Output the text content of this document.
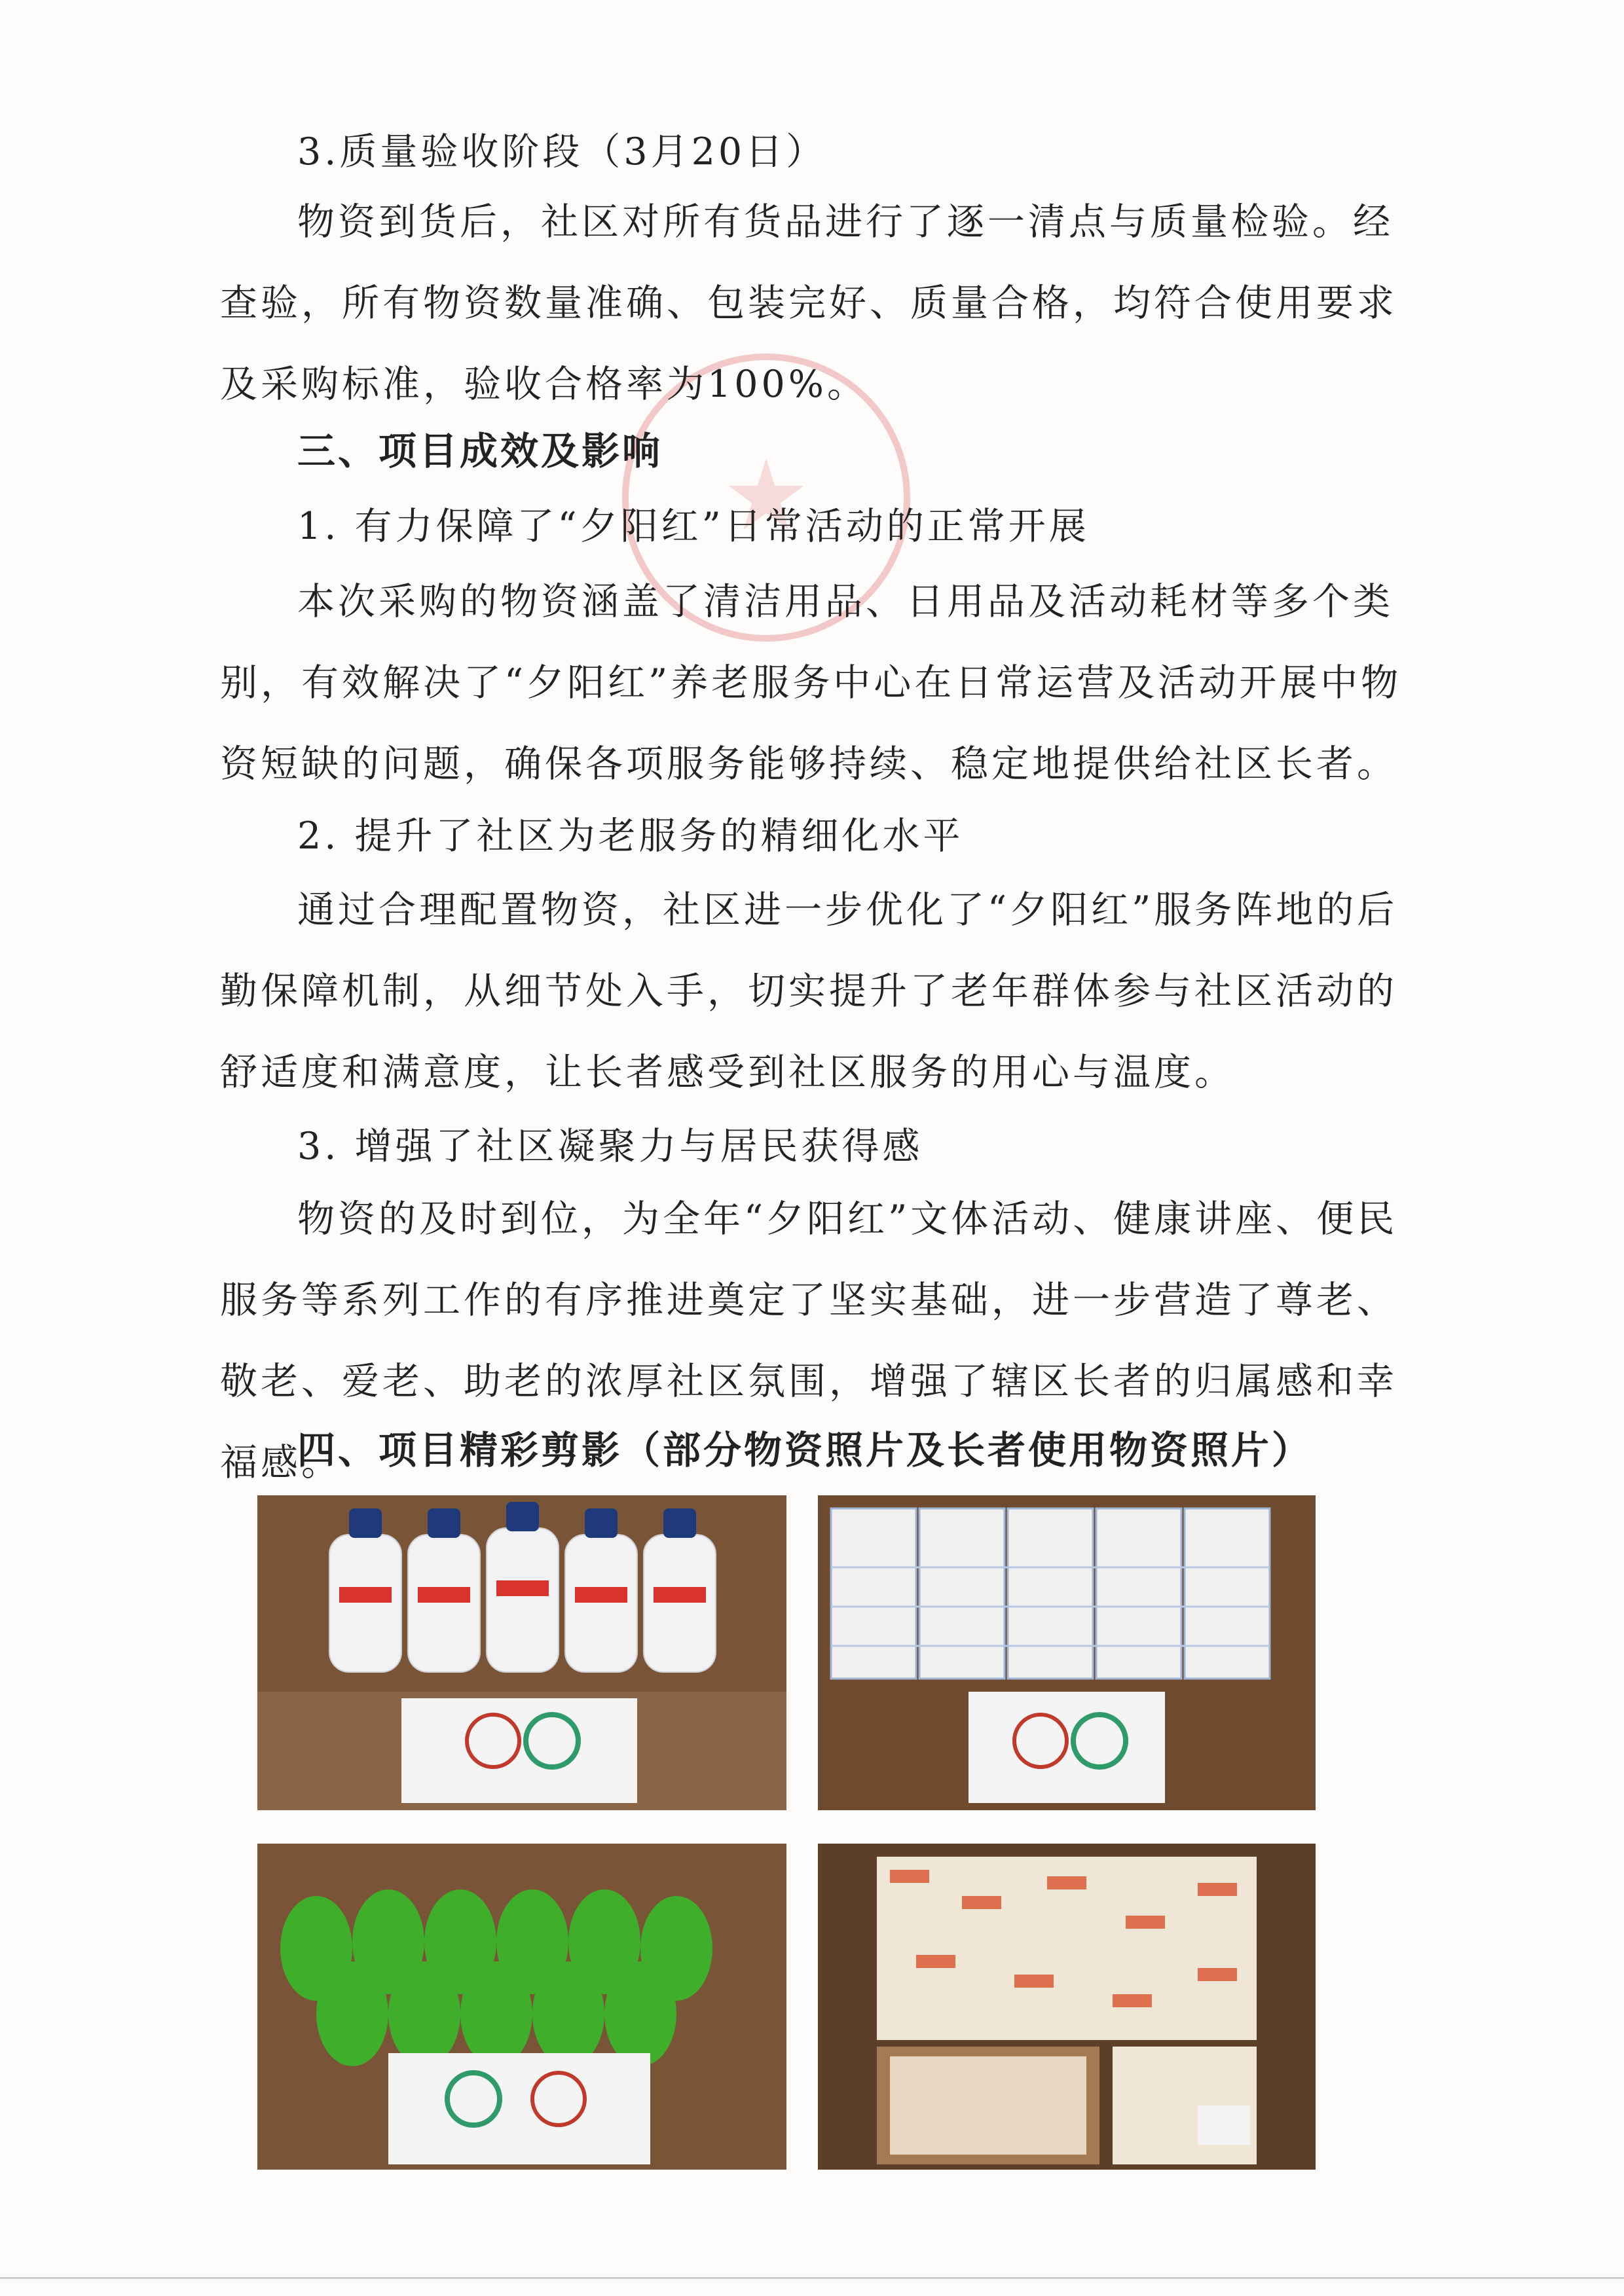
3.质量验收阶段（3月20日）

物资到货后，社区对所有货品进行了逐一清点与质量检验。经查验，所有物资数量准确、包装完好、质量合格，均符合使用要求及采购标准，验收合格率为100%。

三、项目成效及影响

1. 有力保障了“夕阳红”日常活动的正常开展

本次采购的物资涵盖了清洁用品、日用品及活动耗材等多个类别，有效解决了“夕阳红”养老服务中心在日常运营及活动开展中物资短缺的问题，确保各项服务能够持续、稳定地提供给社区长者。

2. 提升了社区为老服务的精细化水平

通过合理配置物资，社区进一步优化了“夕阳红”服务阵地的后勤保障机制，从细节处入手，切实提升了老年群体参与社区活动的舒适度和满意度，让长者感受到社区服务的用心与温度。

3. 增强了社区凝聚力与居民获得感

物资的及时到位，为全年“夕阳红”文体活动、健康讲座、便民服务等系列工作的有序推进奠定了坚实基础，进一步营造了尊老、敬老、爱老、助老的浓厚社区氛围，增强了辖区长者的归属感和幸福感。

四、项目精彩剪影（部分物资照片及长者使用物资照片）
